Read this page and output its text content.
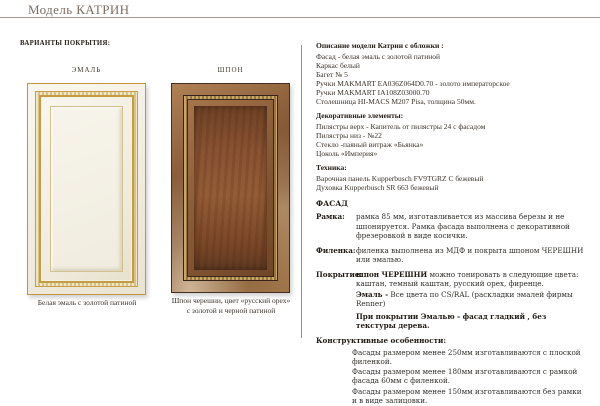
Модель КАТРИН
ВАРИАНТЫ ПОКРЫТИЯ:
ЭМАЛЬ	ШПОН
Белая эмаль с золотой патиной	Шпон черешни, цвет «русский орех»
с золотой и черной патиной
Описание модели Катрин с обложки :
Фасад - белая эмаль с золотой патиной
Каркас белый
Багет № 5
Ручки MAKMART EA036Z064D0.70 - золото императорское
Ручки MAKMART IA108Z03000.70
Столешница HI-MACS M207 Pisa, толщина 50мм.
Декоративные элементы:
Пилястры верх - Капитель от пилястры 24 с фасадом
Пилястры низ - №22
Стекло -паяный витраж «Бьянка»
Цоколь «Империя»
Техника:
Варочная панель Kupperbusch FV9TGRZ C бежевый
Духовка Kupperbusch SR 663 бежевый
ФАСАД
Рамка:	рамка 85 мм, изготавливается из массива березы и не шпонируется. Рамка фасада выполнена с декоративной фрезеровкой в виде косички.
Филенка: филенка выполнена из МДФ и покрыта шпоном ЧЕРЕШНИ или эмалью.
Покрытие:
шпон ЧЕРЕШНИ можно тонировать в следующие цвета: каштан, темный каштан, русский орех, фиренце.
Эмаль - Все цвета по CS/RAL (раскладки эмалей фирмы Renner)
При покрытии Эмалью - фасад гладкий , без текстуры дерева.
Конструктивные особенности:
Фасады размером менее 250мм изготавливаются с плоской филенкой.
Фасады размером менее 180мм изготавливаются с рамкой фасада 60мм с филенкой.
Фасады размером менее 150мм изготавливаются без рамки и в виде залицовки.
